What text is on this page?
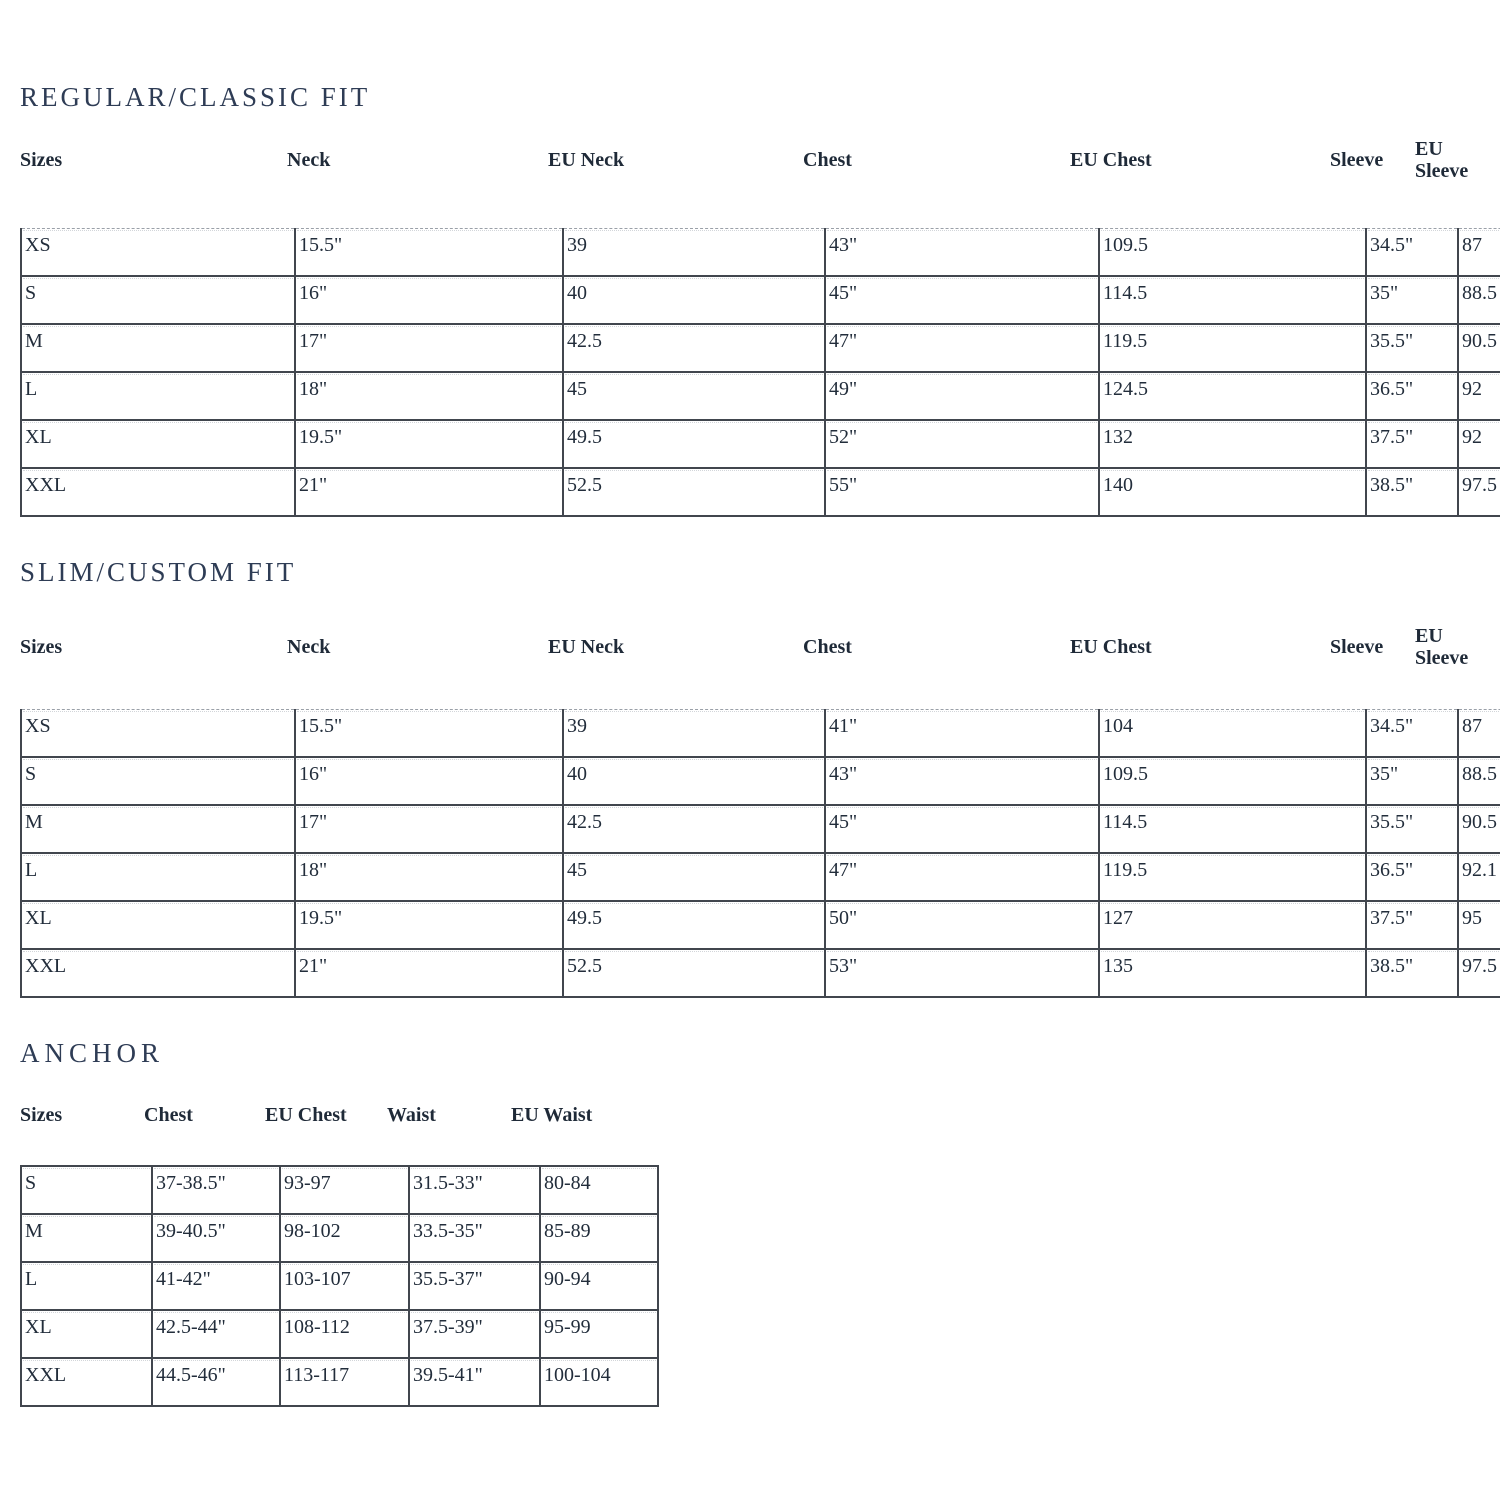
REGULAR/CLASSIC FIT
Sizes	Neck	EU Neck	Chest	EU Chest	Sleeve	EU Sleeve
XS	15.5"	39	43"	109.5	34.5"	87
S	16"	40	45"	114.5	35"	88.5
M	17"	42.5	47"	119.5	35.5"	90.5
L	18"	45	49"	124.5	36.5"	92
XL	19.5"	49.5	52"	132	37.5"	92
XXL	21"	52.5	55"	140	38.5"	97.5
SLIM/CUSTOM FIT
Sizes	Neck	EU Neck	Chest	EU Chest	Sleeve	EU Sleeve
XS	15.5"	39	41"	104	34.5"	87
S	16"	40	43"	109.5	35"	88.5
M	17"	42.5	45"	114.5	35.5"	90.5
L	18"	45	47"	119.5	36.5"	92.1
XL	19.5"	49.5	50"	127	37.5"	95
XXL	21"	52.5	53"	135	38.5"	97.5
ANCHOR
Sizes	Chest	EU Chest	Waist	EU Waist
S	37-38.5"	93-97	31.5-33"	80-84
M	39-40.5"	98-102	33.5-35"	85-89
L	41-42"	103-107	35.5-37"	90-94
XL	42.5-44"	108-112	37.5-39"	95-99
XXL	44.5-46"	113-117	39.5-41"	100-104
